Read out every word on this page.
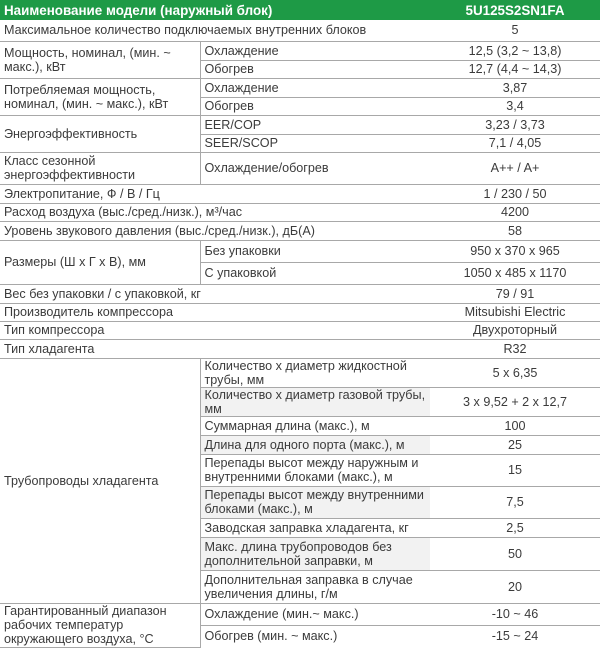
Наименование модели (наружный блок)		5U125S2SN1FA
Максимальное количество подключаемых внутренних блоков		5
Мощность, номинал, (мин. ~ макс.), кВт	Охлаждение	12,5 (3,2 ~ 13,8)
	Обогрев	12,7 (4,4 ~ 14,3)
Потребляемая мощность, номинал, (мин. ~ макс.), кВт	Охлаждение	3,87
	Обогрев	3,4
Энергоэффективность	EER/COP	3,23 / 3,73
	SEER/SCOP	7,1 / 4,05
Класс сезонной энергоэффективности	Охлаждение/обогрев	A++ / A+
Электропитание, Ф / В / Гц		1 / 230 / 50
Расход воздуха (выс./сред./низк.), м³/час		4200
Уровень звукового давления (выс./сред./низк.), дБ(А)		58
Размеры (Ш х Г х В), мм	Без упаковки	950 x 370 x 965
	С упаковкой	1050 x 485 x 1170
Вес без упаковки / с упаковкой, кг		79 / 91
Производитель компрессора		Mitsubishi Electric
Тип компрессора		Двухроторный
Тип хладагента		R32
Трубопроводы хладагента	Количество х диаметр жидкостной трубы, мм	5 x 6,35
	Количество х диаметр газовой трубы, мм	3 x 9,52 + 2 x 12,7
	Суммарная длина (макс.), м	100
	Длина для одного порта (макс.), м	25
	Перепады высот между наружным и внутренними блоками (макс.), м	15
	Перепады высот между внутренними блоками (макс.), м	7,5
	Заводская заправка хладагента, кг	2,5
	Макс. длина трубопроводов без дополнительной заправки, м	50
	Дополнительная заправка в случае увеличения длины, г/м	20
Гарантированный диапазон рабочих температур окружающего воздуха, °С	Охлаждение (мин.~ макс.)	-10 ~ 46
	Обогрев (мин. ~ макс.)	-15 ~ 24
